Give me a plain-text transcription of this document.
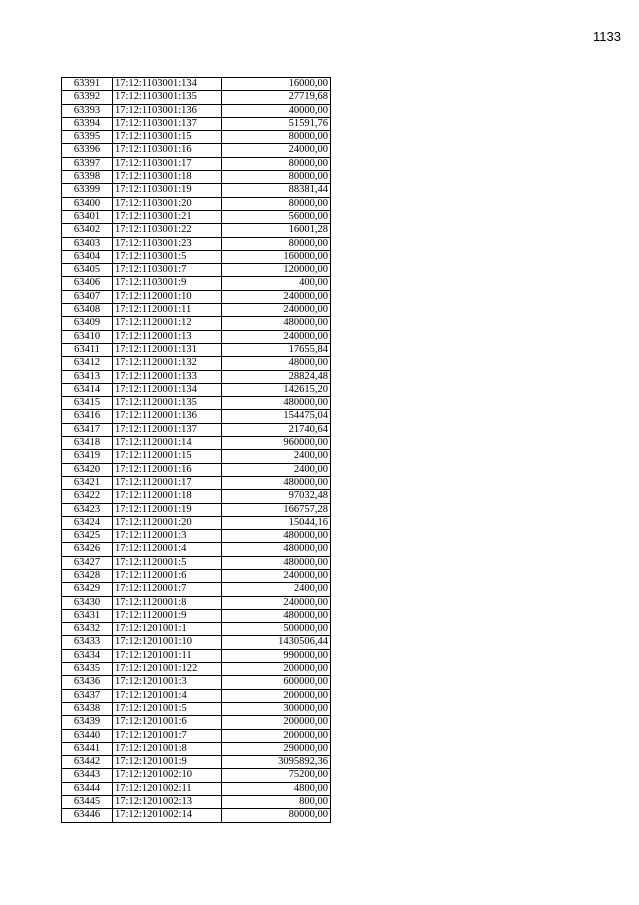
1133
63391	17:12:1103001:134	16000,00
63392	17:12:1103001:135	27719,68
63393	17:12:1103001:136	40000,00
63394	17:12:1103001:137	51591,76
63395	17:12:1103001:15	80000,00
63396	17:12:1103001:16	24000,00
63397	17:12:1103001:17	80000,00
63398	17:12:1103001:18	80000,00
63399	17:12:1103001:19	88381,44
63400	17:12:1103001:20	80000,00
63401	17:12:1103001:21	56000,00
63402	17:12:1103001:22	16001,28
63403	17:12:1103001:23	80000,00
63404	17:12:1103001:5	160000,00
63405	17:12:1103001:7	120000,00
63406	17:12:1103001:9	400,00
63407	17:12:1120001:10	240000,00
63408	17:12:1120001:11	240000,00
63409	17:12:1120001:12	480000,00
63410	17:12:1120001:13	240000,00
63411	17:12:1120001:131	17655,84
63412	17:12:1120001:132	48000,00
63413	17:12:1120001:133	28824,48
63414	17:12:1120001:134	142615,20
63415	17:12:1120001:135	480000,00
63416	17:12:1120001:136	154475,04
63417	17:12:1120001:137	21740,64
63418	17:12:1120001:14	960000,00
63419	17:12:1120001:15	2400,00
63420	17:12:1120001:16	2400,00
63421	17:12:1120001:17	480000,00
63422	17:12:1120001:18	97032,48
63423	17:12:1120001:19	166757,28
63424	17:12:1120001:20	15044,16
63425	17:12:1120001:3	480000,00
63426	17:12:1120001:4	480000,00
63427	17:12:1120001:5	480000,00
63428	17:12:1120001:6	240000,00
63429	17:12:1120001:7	2400,00
63430	17:12:1120001:8	240000,00
63431	17:12:1120001:9	480000,00
63432	17:12:1201001:1	500000,00
63433	17:12:1201001:10	1430506,44
63434	17:12:1201001:11	990000,00
63435	17:12:1201001:122	200000,00
63436	17:12:1201001:3	600000,00
63437	17:12:1201001:4	200000,00
63438	17:12:1201001:5	300000,00
63439	17:12:1201001:6	200000,00
63440	17:12:1201001:7	200000,00
63441	17:12:1201001:8	290000,00
63442	17:12:1201001:9	3095892,36
63443	17:12:1201002:10	75200,00
63444	17:12:1201002:11	4800,00
63445	17:12:1201002:13	800,00
63446	17:12:1201002:14	80000,00
